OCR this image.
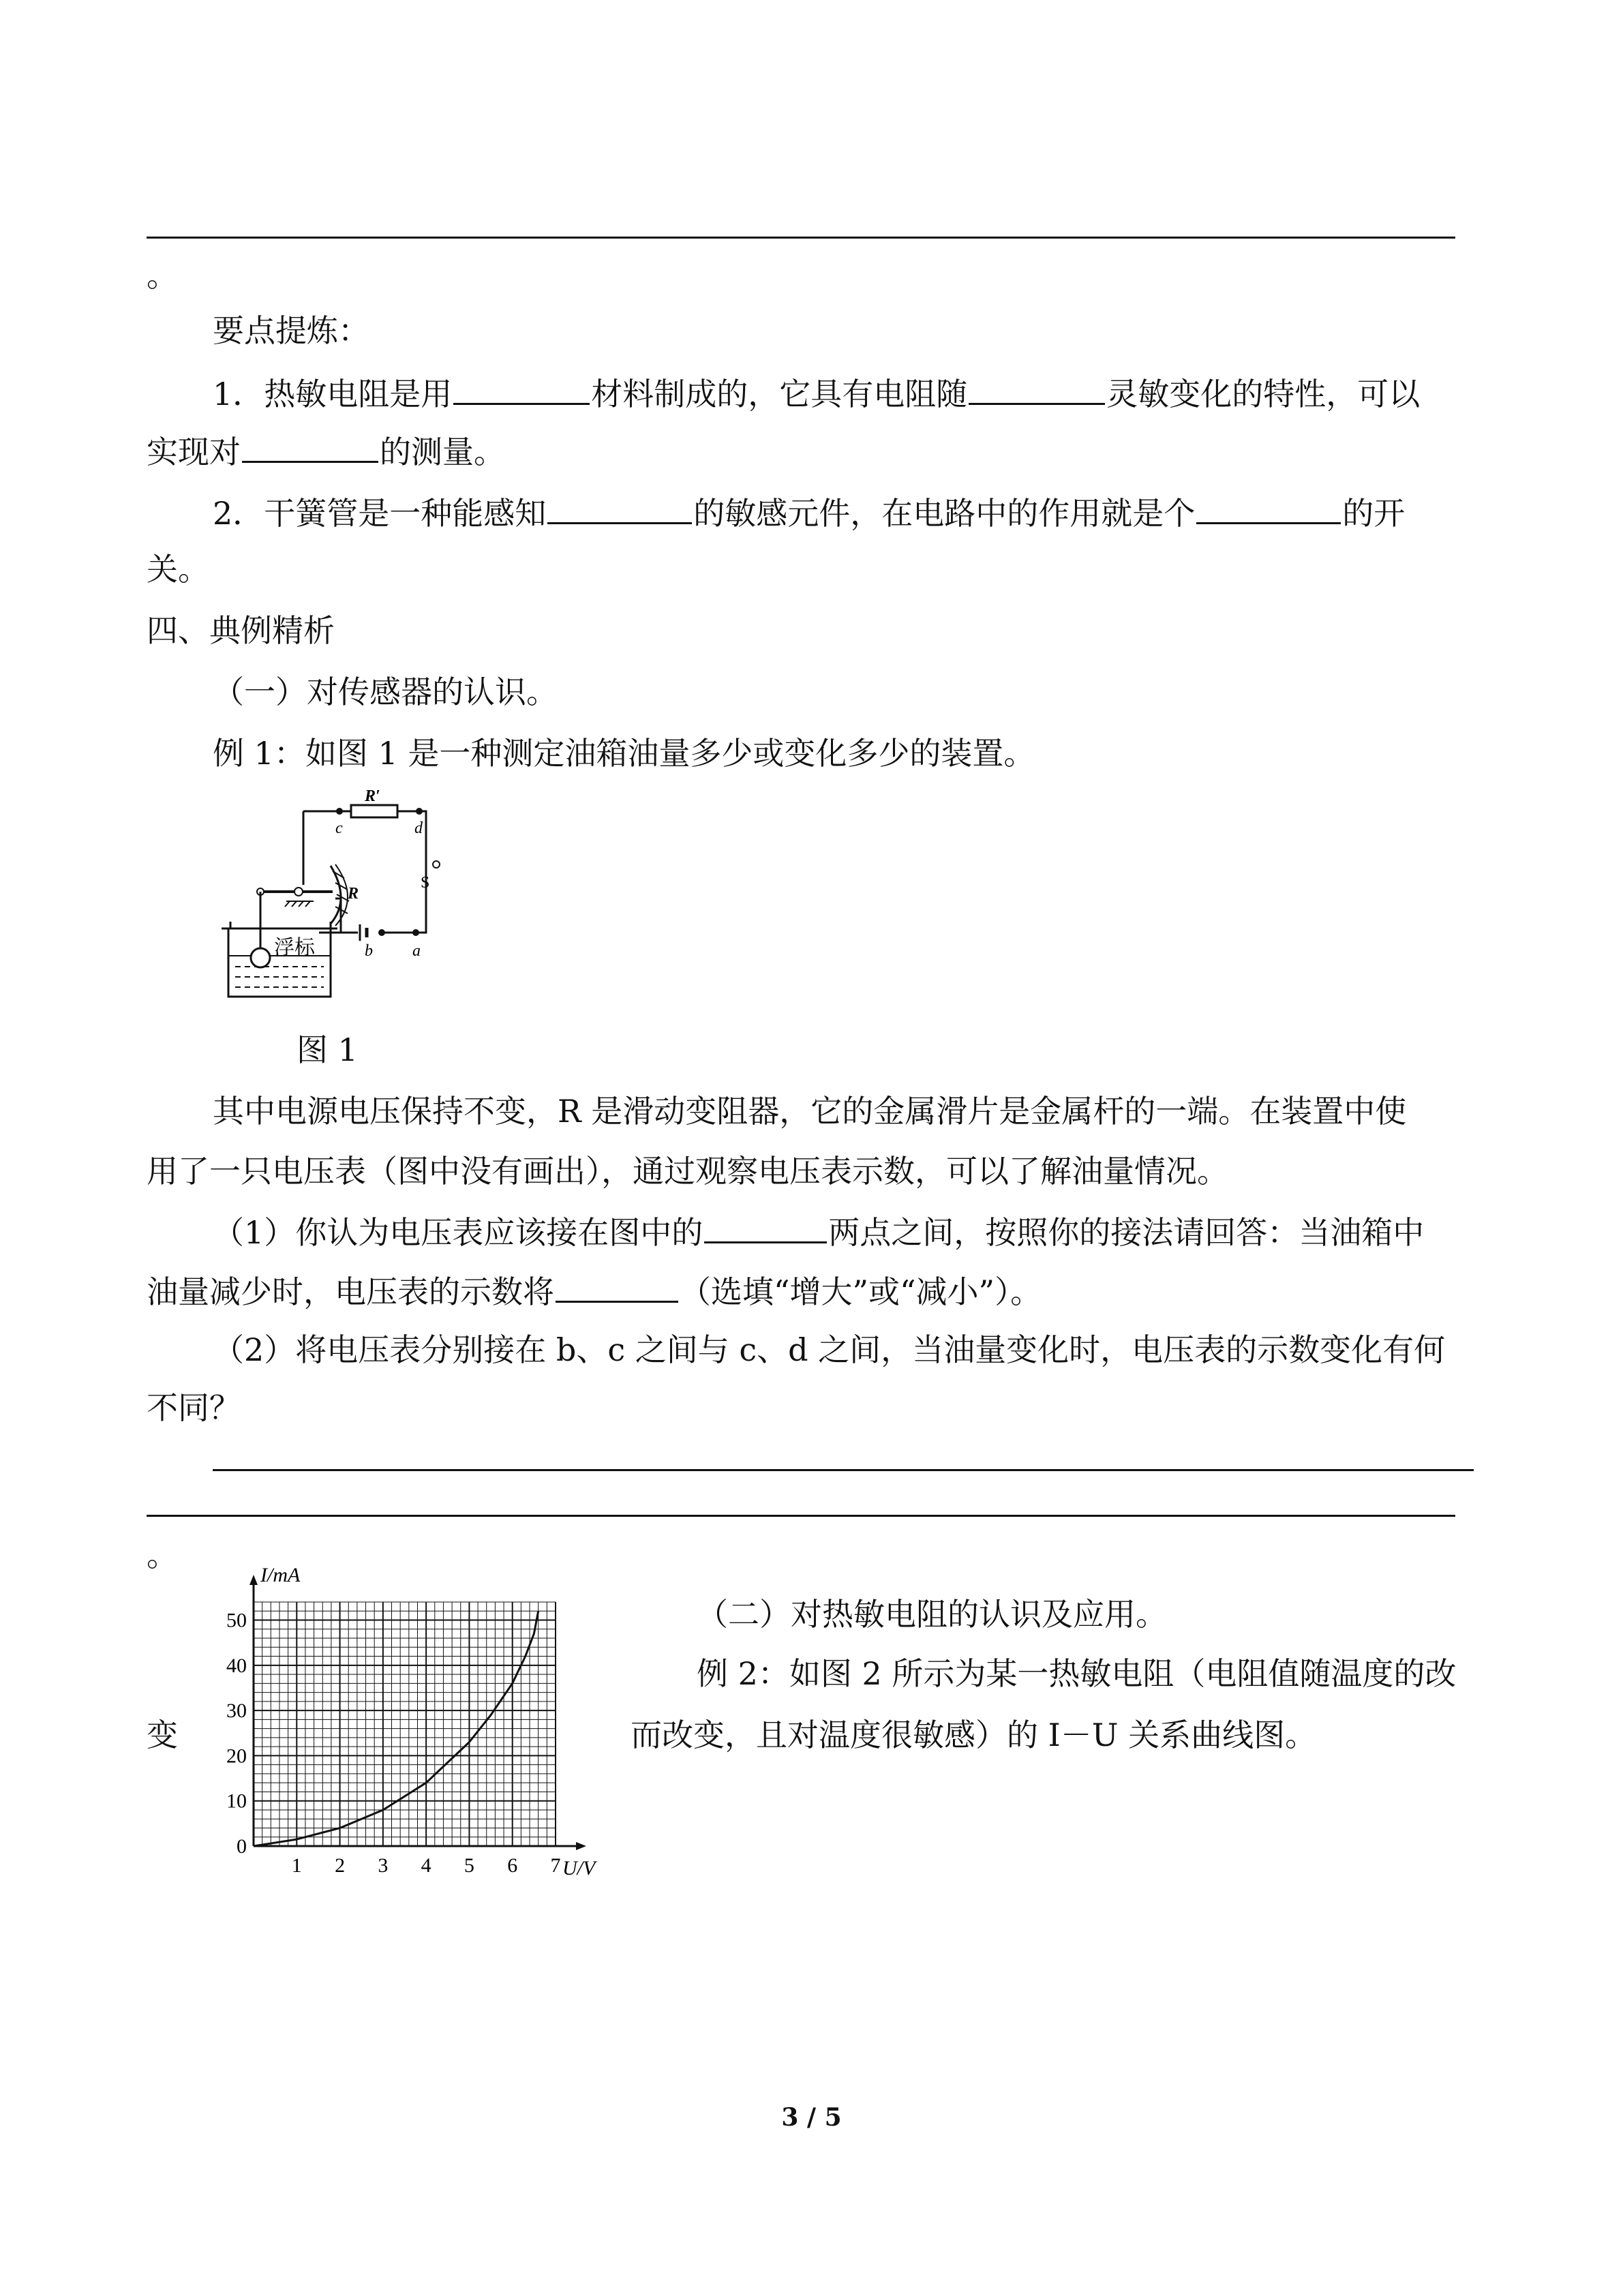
。
要点提炼：
1．热敏电阻是用	材料制成的，它具有电阻随	灵敏变化的特性，可以
实现对	的测量。
2．干簧管是一种能感知	的敏感元件，在电路中的作用就是个	的开
关。
四、典例精析
（一）对传感器的认识。
例 1：如图 1 是一种测定油箱油量多少或变化多少的装置。
R′
c	d
S
b a
R
浮标
图 1
其中电源电压保持不变，R 是滑动变阻器，它的金属滑片是金属杆的一端。在装置中使
用了一只电压表（图中没有画出），通过观察电压表示数，可以了解油量情况。
（1）你认为电压表应该接在图中的	两点之间，按照你的接法请回答：当油箱中
油量减少时，电压表的示数将	（选填“增大”或“减小”）。
（2）将电压表分别接在 b、c 之间与 c、d 之间，当油量变化时，电压表的示数变化有何
不同？
。
变
（二）对热敏电阻的认识及应用。
例 2：如图 2 所示为某一热敏电阻（电阻值随温度的改
而改变，且对温度很敏感）的 I－U 关系曲线图。
1 2 3 4 5 6 7
0
10
20
30
40
50
I/mA
U/V
3 / 5
